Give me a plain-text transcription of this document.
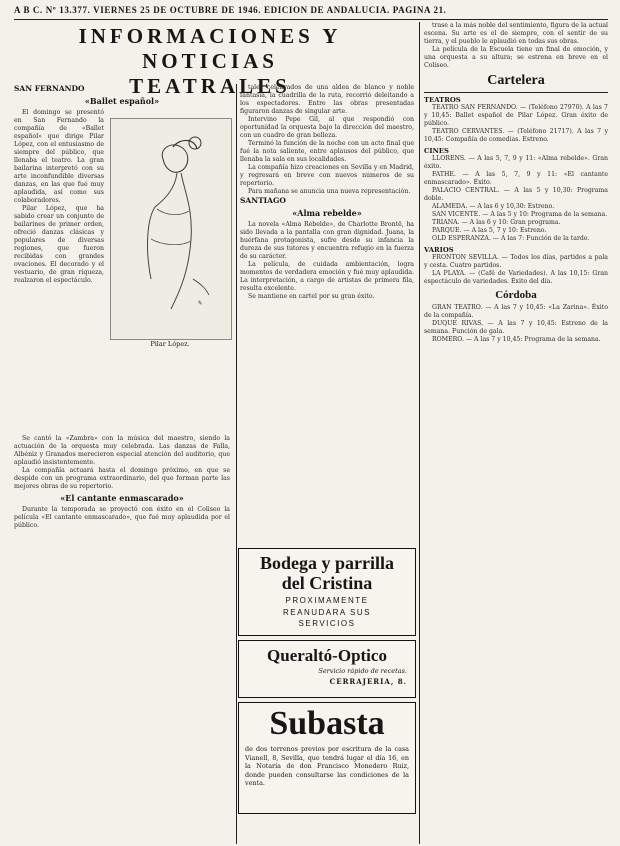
A B C. Nº 13.377. VIERNES 25 DE OCTUBRE DE 1946. EDICION DE ANDALUCIA. PAGINA 21.
INFORMACIONES Y NOTICIAS
TEATRALES
SAN FERNANDO
«Ballet español»

El domingo se presentó en San Fernando la compañía de «Ballet español» que dirige Pilar López, con el entusiasmo de siempre del público, que llenaba el teatro. La gran bailarina interpretó con su arte inconfundible diversas danzas, en las que fué muy aplaudida, así como sus colaboradores.

Pilar López, que ha sabido crear un conjunto de bailarines de primer orden, ofreció danzas clásicas y populares de diversas regiones, que fueron recibidas con grandes ovaciones. El decorado y el vestuario, de gran riqueza, realzaron el espectáculo.

Se cantó la «Zambra» con la música del maestro, siendo la actuación de la orquesta muy celebrada. Las danzas de Falla, Albéniz y Granados merecieron especial atención del auditorio, que aplaudió insistentemente.

La compañía actuará hasta el domingo próximo, en que se despide con un programa extraordinario, del que forman parte las mejores obras de su repertorio.

«El cantante enmascarado»

Durante la temporada se proyectó con éxito en el Coliseo la película «El cantante enmascarado», que fué muy aplaudida por el público.

✎
Pilar López.

tales celebrados de una aldea de blanco y noble fantasía, la cuadrilla de la ruta, recorrió deleitando a los espectadores. Entre las obras presentadas figuraron danzas de singular arte.

Intervino Pepe Gil, al que respondió con oportunidad la orquesta bajo la dirección del maestro, con un cuadro de gran belleza.

Terminó la función de la noche con un acto final que fué la nota saliente, entre aplausos del público, que llenaba la sala en sus localidades.

La compañía hizo creaciones en Sevilla y en Madrid, y regresará en breve con nuevos números de su repertorio.

Para mañana se anuncia una nueva representación.

SANTIAGO
«Alma rebelde»

La novela «Alma Rebelde», de Charlotte Brontë, ha sido llevada a la pantalla con gran dignidad. Juana, la huérfana protagonista, sufre desde su infancia la dureza de sus tutores y encuentra refugio en la fuerza de su carácter.

La película, de cuidada ambientación, logra momentos de verdadera emoción y fué muy aplaudida. La interpretación, a cargo de artistas de primera fila, resulta excelente.

Se mantiene en cartel por su gran éxito.

Bodega y parrilla
del Cristina
PROXIMAMENTE
REANUDARA SUS
SERVICIOS
Queraltó-Optico
Servicio rápido de recetas.
CERRAJERIA, 8.
Subasta
de dos terrenos previos por escritura de la casa Vianell, 8, Sevilla, que tendrá lugar el día 16, en la Notaría de don Francisco Monedero Ruiz, donde pueden consultarse las condiciones de la venta.

trase a la más noble del sentimiento, figura de la actual escena. Su arte es el de siempre, con el sentir de su tierra, y el pueblo le aplaudió en todas sus obras.

La película de la Escuela tiene un final de emoción, y una orquesta a su altura; se estrena en breve en el Coliseo.

Cartelera
TEATROS

TEATRO SAN FERNANDO. — (Teléfono 27970). A las 7 y 10,45: Ballet español de Pilar López. Gran éxito de público.

TEATRO CERVANTES. — (Teléfono 21717). A las 7 y 10,45: Compañía de comedias. Estreno.

CINES

LLORENS. — A las 5, 7, 9 y 11: «Alma rebelde». Gran éxito.

FATHE. — A las 5, 7, 9 y 11: «El cantante enmascarado». Éxito.

PALACIO CENTRAL. — A las 5 y 10,30: Programa doble.

ALAMEDA. — A las 6 y 10,30: Estreno.

SAN VICENTE. — A las 5 y 10: Programa de la semana.

TRIANA. — A las 6 y 10: Gran programa.

PARQUE. — A las 5, 7 y 10: Estreno.

OLD ESPERANZA. — A las 7: Función de la tarde.

VARIOS

FRONTON SEVILLA. — Todos los días, partidos a pala y cesta. Cuatro partidos.

LA PLAYA. — (Café de Variedades). A las 10,15: Gran espectáculo de variedades. Éxito del día.

Córdoba

GRAN TEATRO. — A las 7 y 10,45: «La Zarina». Éxito de la compañía.

DUQUE RIVAS. — A las 7 y 10,45: Estreno de la semana. Función de gala.

ROMERO. — A las 7 y 10,45: Programa de la semana.
